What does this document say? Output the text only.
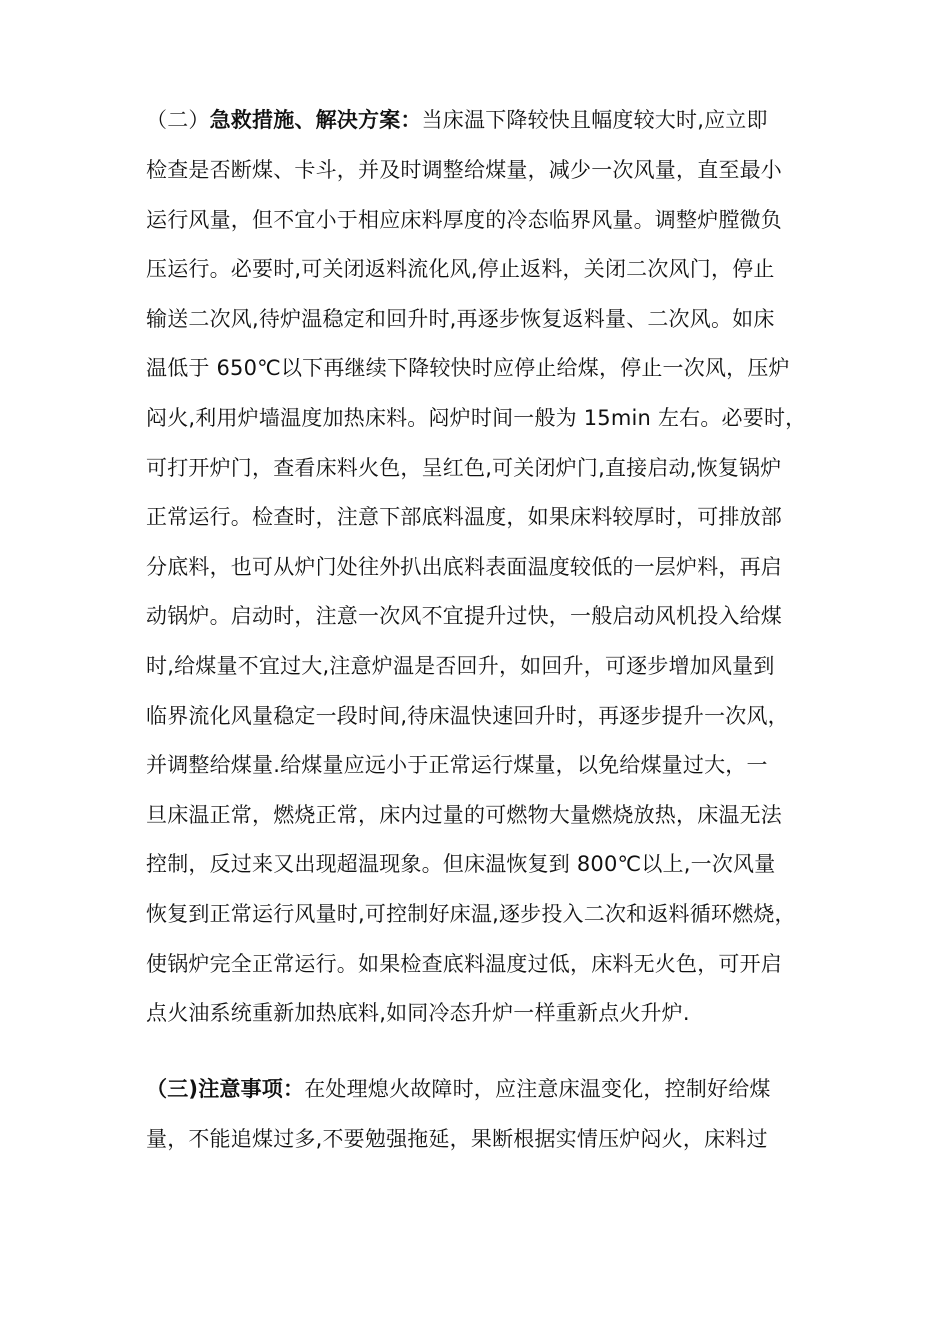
（二）急救措施、解决方案：当床温下降较快且幅度较大时,应立即
检查是否断煤、卡斗，并及时调整给煤量，减少一次风量，直至最小
运行风量，但不宜小于相应床料厚度的冷态临界风量。调整炉膛微负
压运行。必要时,可关闭返料流化风,停止返料，关闭二次风门，停止
输送二次风,待炉温稳定和回升时,再逐步恢复返料量、二次风。如床
温低于 650℃以下再继续下降较快时应停止给煤，停止一次风，压炉
闷火,利用炉墙温度加热床料。闷炉时间一般为 15min 左右。必要时，
可打开炉门，查看床料火色，呈红色,可关闭炉门,直接启动,恢复锅炉
正常运行。检查时，注意下部底料温度，如果床料较厚时，可排放部
分底料，也可从炉门处往外扒出底料表面温度较低的一层炉料，再启
动锅炉。启动时，注意一次风不宜提升过快，一般启动风机投入给煤
时,给煤量不宜过大,注意炉温是否回升，如回升，可逐步增加风量到
临界流化风量稳定一段时间,待床温快速回升时，再逐步提升一次风，
并调整给煤量.给煤量应远小于正常运行煤量，以免给煤量过大，一
旦床温正常，燃烧正常，床内过量的可燃物大量燃烧放热，床温无法
控制，反过来又出现超温现象。但床温恢复到 800℃以上,一次风量
恢复到正常运行风量时,可控制好床温,逐步投入二次和返料循环燃烧，
使锅炉完全正常运行。如果检查底料温度过低，床料无火色，可开启
点火油系统重新加热底料,如同冷态升炉一样重新点火升炉.
（三)注意事项：在处理熄火故障时，应注意床温变化，控制好给煤
量，不能追煤过多,不要勉强拖延，果断根据实情压炉闷火，床料过
